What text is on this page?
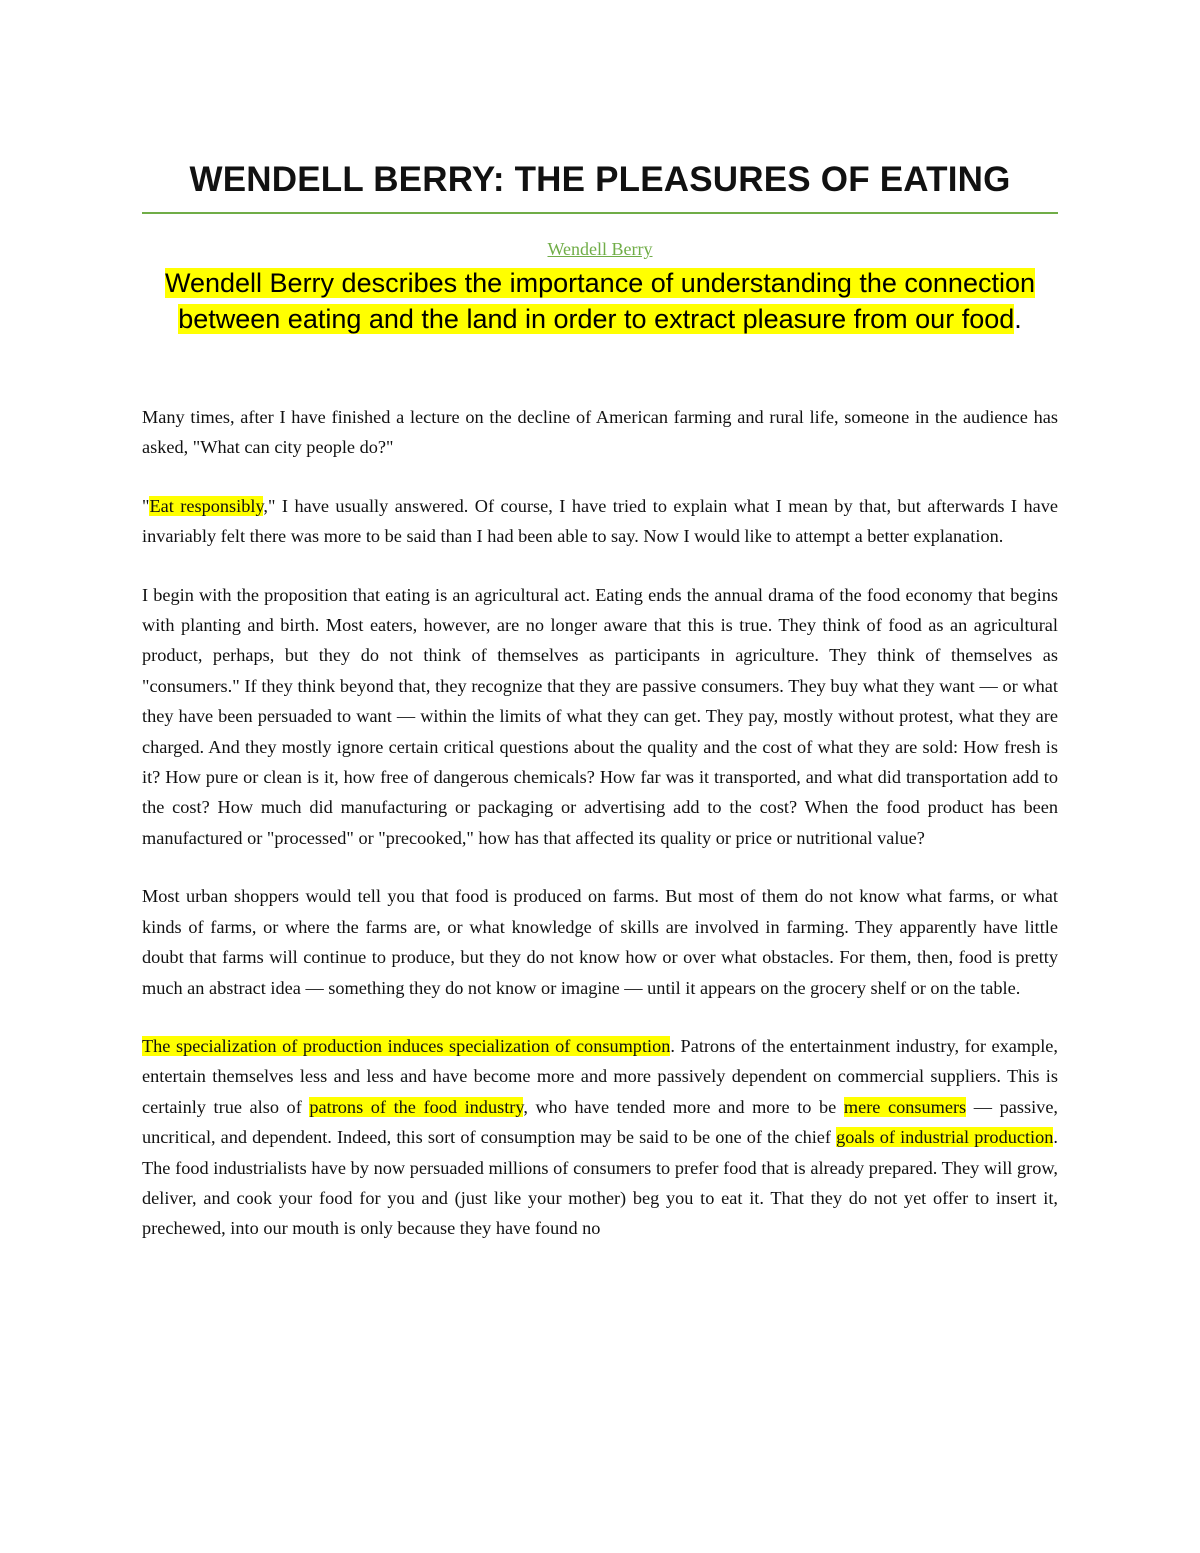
WENDELL BERRY: THE PLEASURES OF EATING
Wendell Berry

Wendell Berry describes the importance of understanding the connection between eating and the land in order to extract pleasure from our food.

Many times, after I have finished a lecture on the decline of American farming and rural life, someone in the audience has asked, "What can city people do?"

"Eat responsibly," I have usually answered. Of course, I have tried to explain what I mean by that, but afterwards I have invariably felt there was more to be said than I had been able to say. Now I would like to attempt a better explanation.

I begin with the proposition that eating is an agricultural act. Eating ends the annual drama of the food economy that begins with planting and birth. Most eaters, however, are no longer aware that this is true. They think of food as an agricultural product, perhaps, but they do not think of themselves as participants in agriculture. They think of themselves as "consumers." If they think beyond that, they recognize that they are passive consumers. They buy what they want — or what they have been persuaded to want — within the limits of what they can get. They pay, mostly without protest, what they are charged. And they mostly ignore certain critical questions about the quality and the cost of what they are sold: How fresh is it? How pure or clean is it, how free of dangerous chemicals? How far was it transported, and what did transportation add to the cost? How much did manufacturing or packaging or advertising add to the cost? When the food product has been manufactured or "processed" or "precooked," how has that affected its quality or price or nutritional value?

Most urban shoppers would tell you that food is produced on farms. But most of them do not know what farms, or what kinds of farms, or where the farms are, or what knowledge of skills are involved in farming. They apparently have little doubt that farms will continue to produce, but they do not know how or over what obstacles. For them, then, food is pretty much an abstract idea — something they do not know or imagine — until it appears on the grocery shelf or on the table.

The specialization of production induces specialization of consumption. Patrons of the entertainment industry, for example, entertain themselves less and less and have become more and more passively dependent on commercial suppliers. This is certainly true also of patrons of the food industry, who have tended more and more to be mere consumers — passive, uncritical, and dependent. Indeed, this sort of consumption may be said to be one of the chief goals of industrial production. The food industrialists have by now persuaded millions of consumers to prefer food that is already prepared. They will grow, deliver, and cook your food for you and (just like your mother) beg you to eat it. That they do not yet offer to insert it, prechewed, into our mouth is only because they have found no
